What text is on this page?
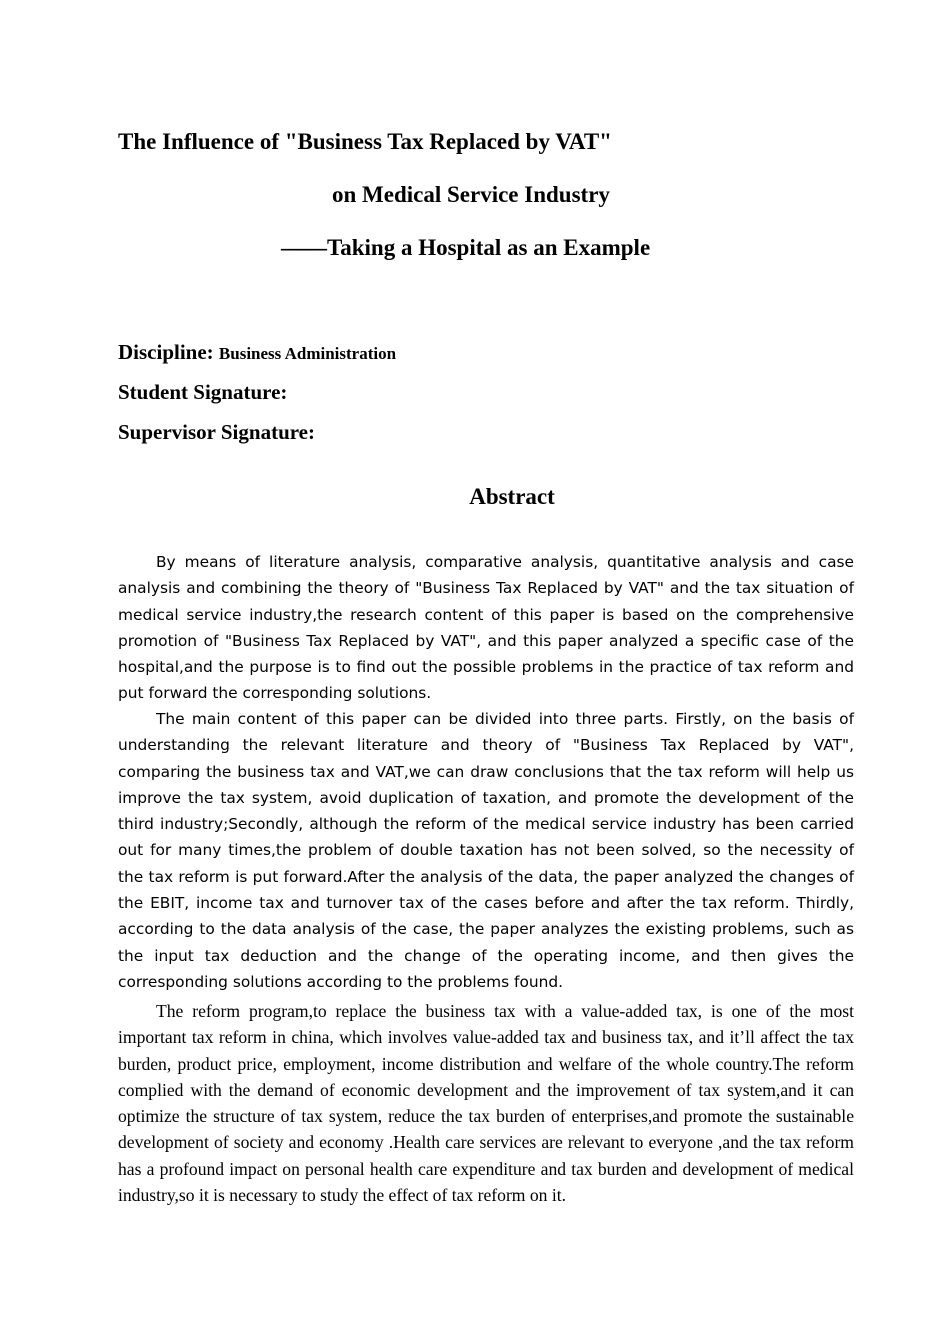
The Influence of "Business Tax Replaced by VAT"
on Medical Service Industry
——Taking a Hospital as an Example
Discipline: Business Administration
Student Signature:
Supervisor Signature:
Abstract

By means of literature analysis, comparative analysis, quantitative analysis and case analysis and combining the theory of "Business Tax Replaced by VAT" and the tax situation of medical service industry,the research content of this paper is based on the comprehensive promotion of "Business Tax Replaced by VAT", and this paper analyzed a specific case of the hospital,and the purpose is to find out the possible problems in the practice of tax reform and put forward the corresponding solutions.

The main content of this paper can be divided into three parts. Firstly, on the basis of understanding the relevant literature and theory of "Business Tax Replaced by VAT", comparing the business tax and VAT,we can draw conclusions that the tax reform will help us improve the tax system, avoid duplication of taxation, and promote the development of the third industry;Secondly, although the reform of the medical service industry has been carried out for many times,the problem of double taxation has not been solved, so the necessity of the tax reform is put forward.After the analysis of the data, the paper analyzed the changes of the EBIT, income tax and turnover tax of the cases before and after the tax reform. Thirdly, according to the data analysis of the case, the paper analyzes the existing problems, such as the input tax deduction and the change of the operating income, and then gives the corresponding solutions according to the problems found.

The reform program,to replace the business tax with a value-added tax, is one of the most important tax reform in china, which involves value-added tax and business tax, and it’ll affect the tax burden, product price, employment, income distribution and welfare of the whole country.The reform complied with the demand of economic development and the improvement of tax system,and it can optimize the structure of tax system, reduce the tax burden of enterprises,and promote the sustainable development of society and economy .Health care services are relevant to everyone ,and the tax reform has a profound impact on personal health care expenditure and tax burden and development of medical industry,so it is necessary to study the effect of tax reform on it.
